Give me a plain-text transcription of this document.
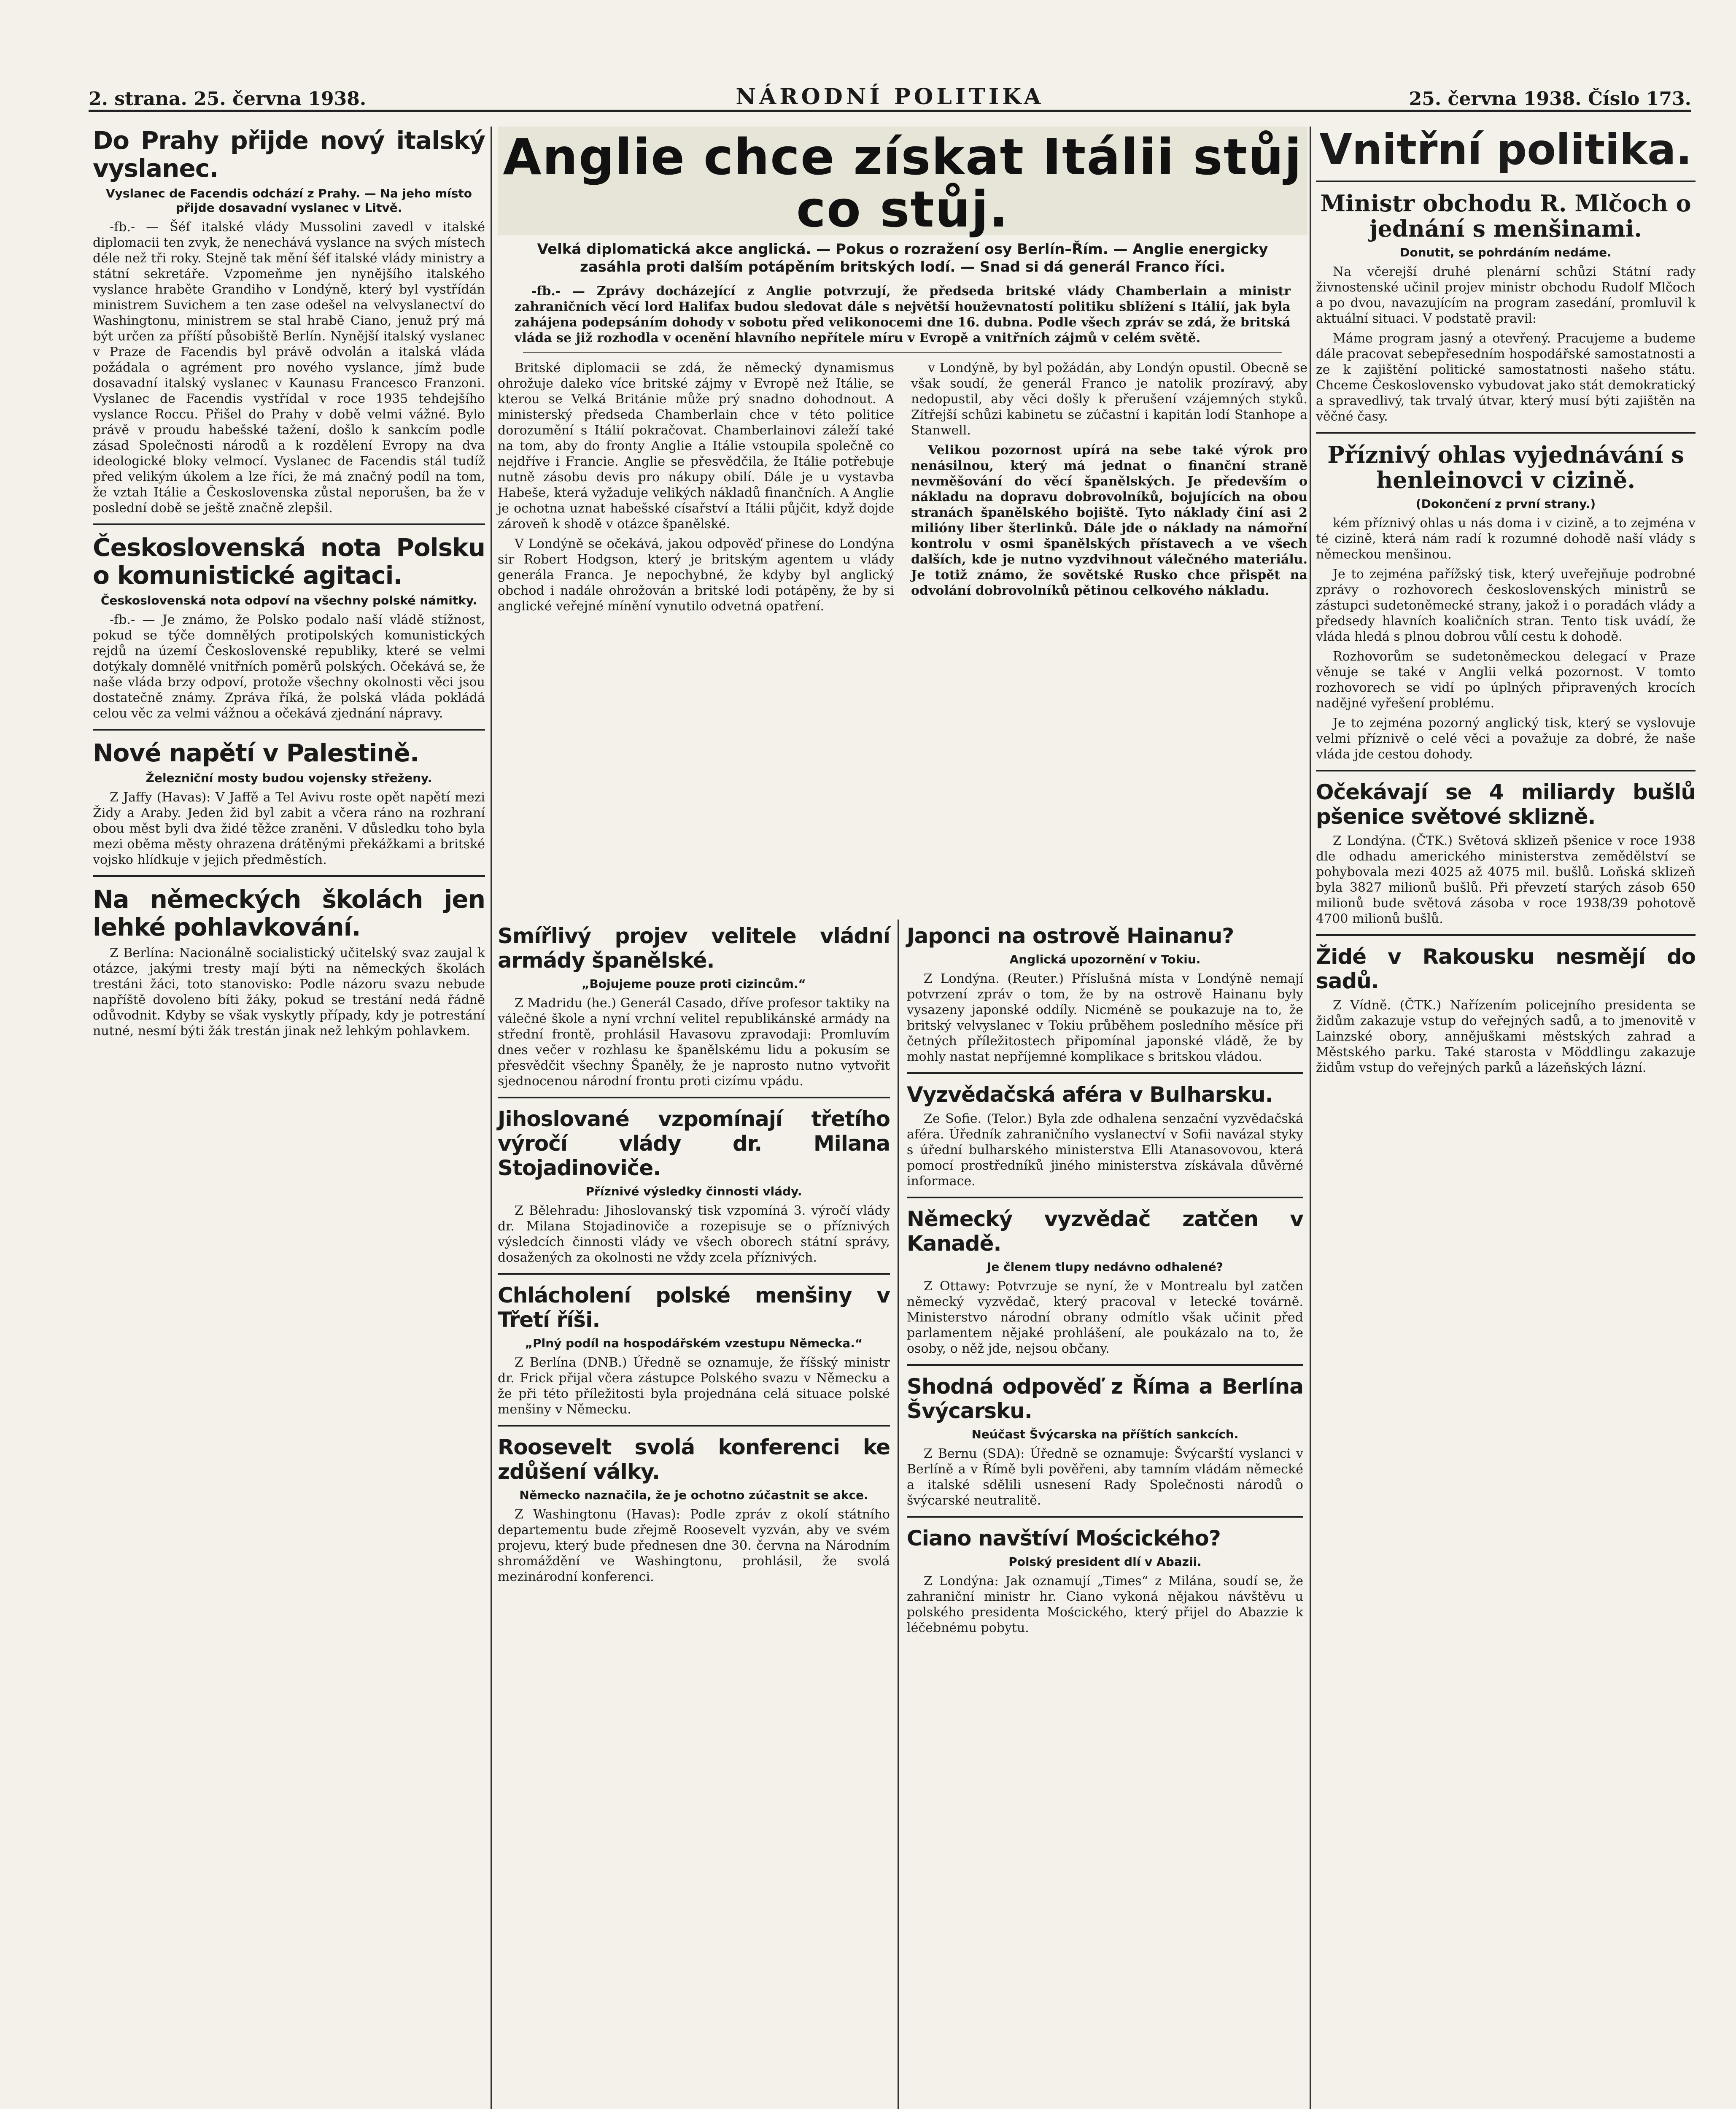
2. strana. 25. června 1938.	NÁRODNÍ POLITIKA	25. června 1938. Číslo 173.
Do Prahy přijde nový italský vyslanec.
Vyslanec de Facendis odchází z Prahy. — Na jeho místo přijde dosavadní vyslanec v Litvě.

-fb.- — Šéf italské vlády Mussolini zavedl v italské diplomacii ten zvyk, že nenechává vyslance na svých místech déle než tři roky. Stejně tak mění šéf italské vlády ministry a státní sekretáře. Vzpomeňme jen nynějšího italského vyslance hraběte Grandiho v Londýně, který byl vystřídán ministrem Suvichem a ten zase odešel na velvyslanectví do Washingtonu, ministrem se stal hrabě Ciano, jenuž prý má být určen za příští působiště Berlín. Nynější italský vyslanec v Praze de Facendis byl právě odvolán a italská vláda požádala o agrément pro nového vyslance, jímž bude dosavadní italský vyslanec v Kaunasu Francesco Franzoni. Vyslanec de Facendis vystřídal v roce 1935 tehdejšího vyslance Roccu. Přišel do Prahy v době velmi vážné. Bylo právě v proudu habešské tažení, došlo k sankcím podle zásad Společnosti národů a k rozdělení Evropy na dva ideologické bloky velmocí. Vyslanec de Facendis stál tudíž před velikým úkolem a lze říci, že má značný podíl na tom, že vztah Itálie a Československa zůstal neporušen, ba že v poslední době se ještě značně zlepšil.

Československá nota Polsku o komunistické agitaci.
Československá nota odpoví na všechny polské námitky.

-fb.- — Je známo, že Polsko podalo naší vládě stížnost, pokud se týče domnělých protipolských komunistických rejdů na území Československé republiky, které se velmi dotýkaly domnělé vnitřních poměrů polských. Očekává se, že naše vláda brzy odpoví, protože všechny okolnosti věci jsou dostatečně známy. Zpráva říká, že polská vláda pokládá celou věc za velmi vážnou a očekává zjednání nápravy.

Nové napětí v Palestině.
Železniční mosty budou vojensky střeženy.

Z Jaffy (Havas): V Jaffě a Tel Avivu roste opět napětí mezi Židy a Araby. Jeden žid byl zabit a včera ráno na rozhraní obou měst byli dva židé těžce zraněni. V důsledku toho byla mezi oběma městy ohrazena drátěnými překážkami a britské vojsko hlídkuje v jejich předměstích.

Na německých školách jen lehké pohlavkování.

Z Berlína: Nacionálně socialistický učitelský svaz zaujal k otázce, jakými tresty mají býti na německých školách trestáni žáci, toto stanovisko: Podle názoru svazu nebude napříště dovoleno bíti žáky, pokud se trestání nedá řádně odůvodnit. Kdyby se však vyskytly případy, kdy je potrestání nutné, nesmí býti žák trestán jinak než lehkým pohlavkem.

Anglie chce získat Itálii stůj co stůj.
Velká diplomatická akce anglická. — Pokus o rozražení osy Berlín–Řím. — Anglie energicky zasáhla proti dalším potápěním britských lodí. — Snad si dá generál Franco říci.
-fb.- — Zprávy docházející z Anglie potvrzují, že předseda britské vlády Chamberlain a ministr zahraničních věcí lord Halifax budou sledovat dále s největší houževnatostí politiku sblížení s Itálií, jak byla zahájena podepsáním dohody v sobotu před velikonocemi dne 16. dubna. Podle všech zpráv se zdá, že britská vláda se již rozhodla v ocenění hlavního nepřítele míru v Evropě a vnitřních zájmů v celém světě.

Britské diplomacii se zdá, že německý dynamismus ohrožuje daleko více britské zájmy v Evropě než Itálie, se kterou se Velká Británie může prý snadno dohodnout. A ministerský předseda Chamberlain chce v této politice dorozumění s Itálií pokračovat. Chamberlainovi záleží také na tom, aby do fronty Anglie a Itálie vstoupila společně co nejdříve i Francie. Anglie se přesvědčila, že Itálie potřebuje nutně zásobu devis pro nákupy obilí. Dále je u vystavba Habeše, která vyžaduje velikých nákladů finančních. A Anglie je ochotna uznat habešské císařství a Itálii půjčit, když dojde zároveň k shodě v otázce španělské.

V Londýně se očekává, jakou odpověď přinese do Londýna sir Robert Hodgson, který je britským agentem u vlády generála Franca. Je nepochybné, že kdyby byl anglický obchod i nadále ohrožován a britské lodi potápěny, že by si anglické veřejné mínění vynutilo odvetná opatření.

v Londýně, by byl požádán, aby Londýn opustil. Obecně se však soudí, že generál Franco je natolik prozíravý, aby nedopustil, aby věci došly k přerušení vzájemných styků. Zítřejší schůzi kabinetu se zúčastní i kapitán lodí Stanhope a Stanwell.

Velikou pozornost upírá na sebe také výrok pro nenásilnou, který má jednat o finanční straně nevměšování do věcí španělských. Je především o nákladu na dopravu dobrovolníků, bojujících na obou stranách španělského bojiště. Tyto náklady činí asi 2 milióny liber šterlinků. Dále jde o náklady na námořní kontrolu v osmi španělských přístavech a ve všech dalších, kde je nutno vyzdvihnout válečného materiálu. Je totiž známo, že sovětské Rusko chce přispět na odvolání dobrovolníků pětinou celkového nákladu.

Smířlivý projev velitele vládní armády španělské.
„Bojujeme pouze proti cizincům.“

Z Madridu (he.) Generál Casado, dříve profesor taktiky na válečné škole a nyní vrchní velitel republikánské armády na střední frontě, prohlásil Havasovu zpravodaji: Promluvím dnes večer v rozhlasu ke španělskému lidu a pokusím se přesvědčit všechny Španěly, že je naprosto nutno vytvořit sjednocenou národní frontu proti cizímu vpádu.

Jihoslované vzpomínají třetího výročí vlády dr. Milana Stojadinoviče.
Příznivé výsledky činnosti vlády.

Z Bělehradu: Jihoslovanský tisk vzpomíná 3. výročí vlády dr. Milana Stojadinoviče a rozepisuje se o příznivých výsledcích činnosti vlády ve všech oborech státní správy, dosažených za okolnosti ne vždy zcela příznivých.

Chlácholení polské menšiny v Třetí říši.
„Plný podíl na hospodářském vzestupu Německa.“

Z Berlína (DNB.) Úředně se oznamuje, že říšský ministr dr. Frick přijal včera zástupce Polského svazu v Německu a že při této příležitosti byla projednána celá situace polské menšiny v Německu.

Roosevelt svolá konferenci ke zdůšení války.
Německo naznačila, že je ochotno zúčastnit se akce.

Z Washingtonu (Havas): Podle zpráv z okolí státního departementu bude zřejmě Roosevelt vyzván, aby ve svém projevu, který bude přednesen dne 30. června na Národním shromáždění ve Washingtonu, prohlásil, že svolá mezinárodní konferenci.

Japonci na ostrově Hainanu?
Anglická upozornění v Tokiu.

Z Londýna. (Reuter.) Příslušná místa v Londýně nemají potvrzení zpráv o tom, že by na ostrově Hainanu byly vysazeny japonské oddíly. Nicméně se poukazuje na to, že britský velvyslanec v Tokiu průběhem posledního měsíce při četných příležitostech připomínal japonské vládě, že by mohly nastat nepříjemné komplikace s britskou vládou.

Vyzvědačská aféra v Bulharsku.

Ze Sofie. (Telor.) Byla zde odhalena senzační vyzvědačská aféra. Úředník zahraničního vyslanectví v Sofii navázal styky s úřední bulharského ministerstva Elli Atanasovovou, která pomocí prostředníků jiného ministerstva získávala důvěrné informace.

Německý vyzvědač zatčen v Kanadě.
Je členem tlupy nedávno odhalené?

Z Ottawy: Potvrzuje se nyní, že v Montrealu byl zatčen německý vyzvědač, který pracoval v letecké továrně. Ministerstvo národní obrany odmítlo však učinit před parlamentem nějaké prohlášení, ale poukázalo na to, že osoby, o něž jde, nejsou občany.

Shodná odpověď z Říma a Berlína Švýcarsku.
Neúčast Švýcarska na příštích sankcích.

Z Bernu (SDA): Úředně se oznamuje: Švýcarští vyslanci v Berlíně a v Římě byli pověřeni, aby tamním vládám německé a italské sdělili usnesení Rady Společnosti národů o švýcarské neutralitě.

Ciano navštíví Moścického?
Polský president dlí v Abazii.

Z Londýna: Jak oznamují „Times“ z Milána, soudí se, že zahraniční ministr hr. Ciano vykoná nějakou návštěvu u polského presidenta Moścického, který přijel do Abazzie k léčebnému pobytu.

Vnitřní politika.
Ministr obchodu R. Mlčoch o jednání s menšinami.
Donutit, se pohrdáním nedáme.

Na včerejší druhé plenární schůzi Státní rady živnostenské učinil projev ministr obchodu Rudolf Mlčoch a po dvou, navazujícím na program zasedání, promluvil k aktuální situaci. V podstatě pravil:

Máme program jasný a otevřený. Pracujeme a budeme dále pracovat sebepřesedním hospodářské samostatnosti a ze k zajištění politické samostatnosti našeho státu. Chceme Československo vybudovat jako stát demokratický a spravedlivý, tak trvalý útvar, který musí býti zajištěn na věčné časy.

Příznivý ohlas vyjednávání s henleinovci v cizině.
(Dokončení z první strany.)

kém příznivý ohlas u nás doma i v cizině, a to zejména v té cizině, která nám radí k rozumné dohodě naší vlády s německou menšinou.

Je to zejména pařížský tisk, který uveřejňuje podrobné zprávy o rozhovorech československých ministrů se zástupci sudetoněmecké strany, jakož i o poradách vlády a předsedy hlavních koaličních stran. Tento tisk uvádí, že vláda hledá s plnou dobrou vůlí cestu k dohodě.

Rozhovorům se sudetoněmeckou delegací v Praze věnuje se také v Anglii velká pozornost. V tomto rozhovorech se vidí po úplných připravených krocích nadějné vyřešení problému.

Je to zejména pozorný anglický tisk, který se vyslovuje velmi příznivě o celé věci a považuje za dobré, že naše vláda jde cestou dohody.

Očekávají se 4 miliardy bušlů pšenice světové sklizně.

Z Londýna. (ČTK.) Světová sklizeň pšenice v roce 1938 dle odhadu amerického ministerstva zemědělství se pohybovala mezi 4025 až 4075 mil. bušlů. Loňská sklizeň byla 3827 milionů bušlů. Při převzetí starých zásob 650 milionů bude světová zásoba v roce 1938/39 pohotově 4700 milionů bušlů.

Židé v Rakousku nesmějí do sadů.

Z Vídně. (ČTK.) Nařízením policejního presidenta se židům zakazuje vstup do veřejných sadů, a to jmenovitě v Lainzské obory, annějuškami městských zahrad a Městského parku. Také starosta v Möddlingu zakazuje židům vstup do veřejných parků a lázeňských lázní.
